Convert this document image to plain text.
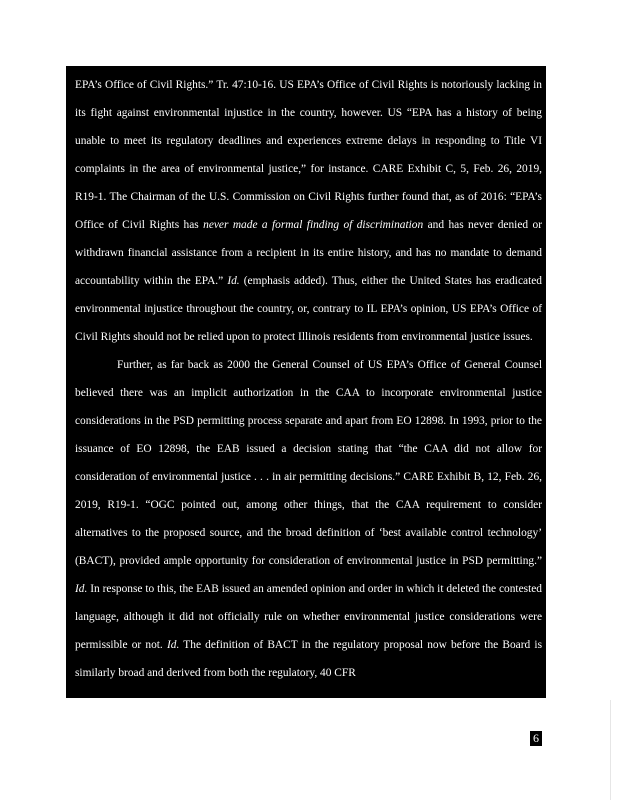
EPA’s Office of Civil Rights.” Tr. 47:10-16. US EPA’s Office of Civil Rights is notoriously lacking in its fight against environmental injustice in the country, however. US “EPA has a history of being unable to meet its regulatory deadlines and experiences extreme delays in responding to Title VI complaints in the area of environmental justice,” for instance. CARE Exhibit C, 5, Feb. 26, 2019, R19-1. The Chairman of the U.S. Commission on Civil Rights further found that, as of 2016: “EPA’s Office of Civil Rights has never made a formal finding of discrimination and has never denied or withdrawn financial assistance from a recipient in its entire history, and has no mandate to demand accountability within the EPA.” Id. (emphasis added). Thus, either the United States has eradicated environmental injustice throughout the country, or, contrary to IL EPA’s opinion, US EPA’s Office of Civil Rights should not be relied upon to protect Illinois residents from environmental justice issues.

Further, as far back as 2000 the General Counsel of US EPA’s Office of General Counsel believed there was an implicit authorization in the CAA to incorporate environmental justice considerations in the PSD permitting process separate and apart from EO 12898. In 1993, prior to the issuance of EO 12898, the EAB issued a decision stating that “the CAA did not allow for consideration of environmental justice . . . in air permitting decisions.” CARE Exhibit B, 12, Feb. 26, 2019, R19-1. “OGC pointed out, among other things, that the CAA requirement to consider alternatives to the proposed source, and the broad definition of ‘best available control technology’ (BACT), provided ample opportunity for consideration of environmental justice in PSD permitting.” Id. In response to this, the EAB issued an amended opinion and order in which it deleted the contested language, although it did not officially rule on whether environmental justice considerations were permissible or not. Id. The definition of BACT in the regulatory proposal now before the Board is similarly broad and derived from both the regulatory, 40 CFR

6
